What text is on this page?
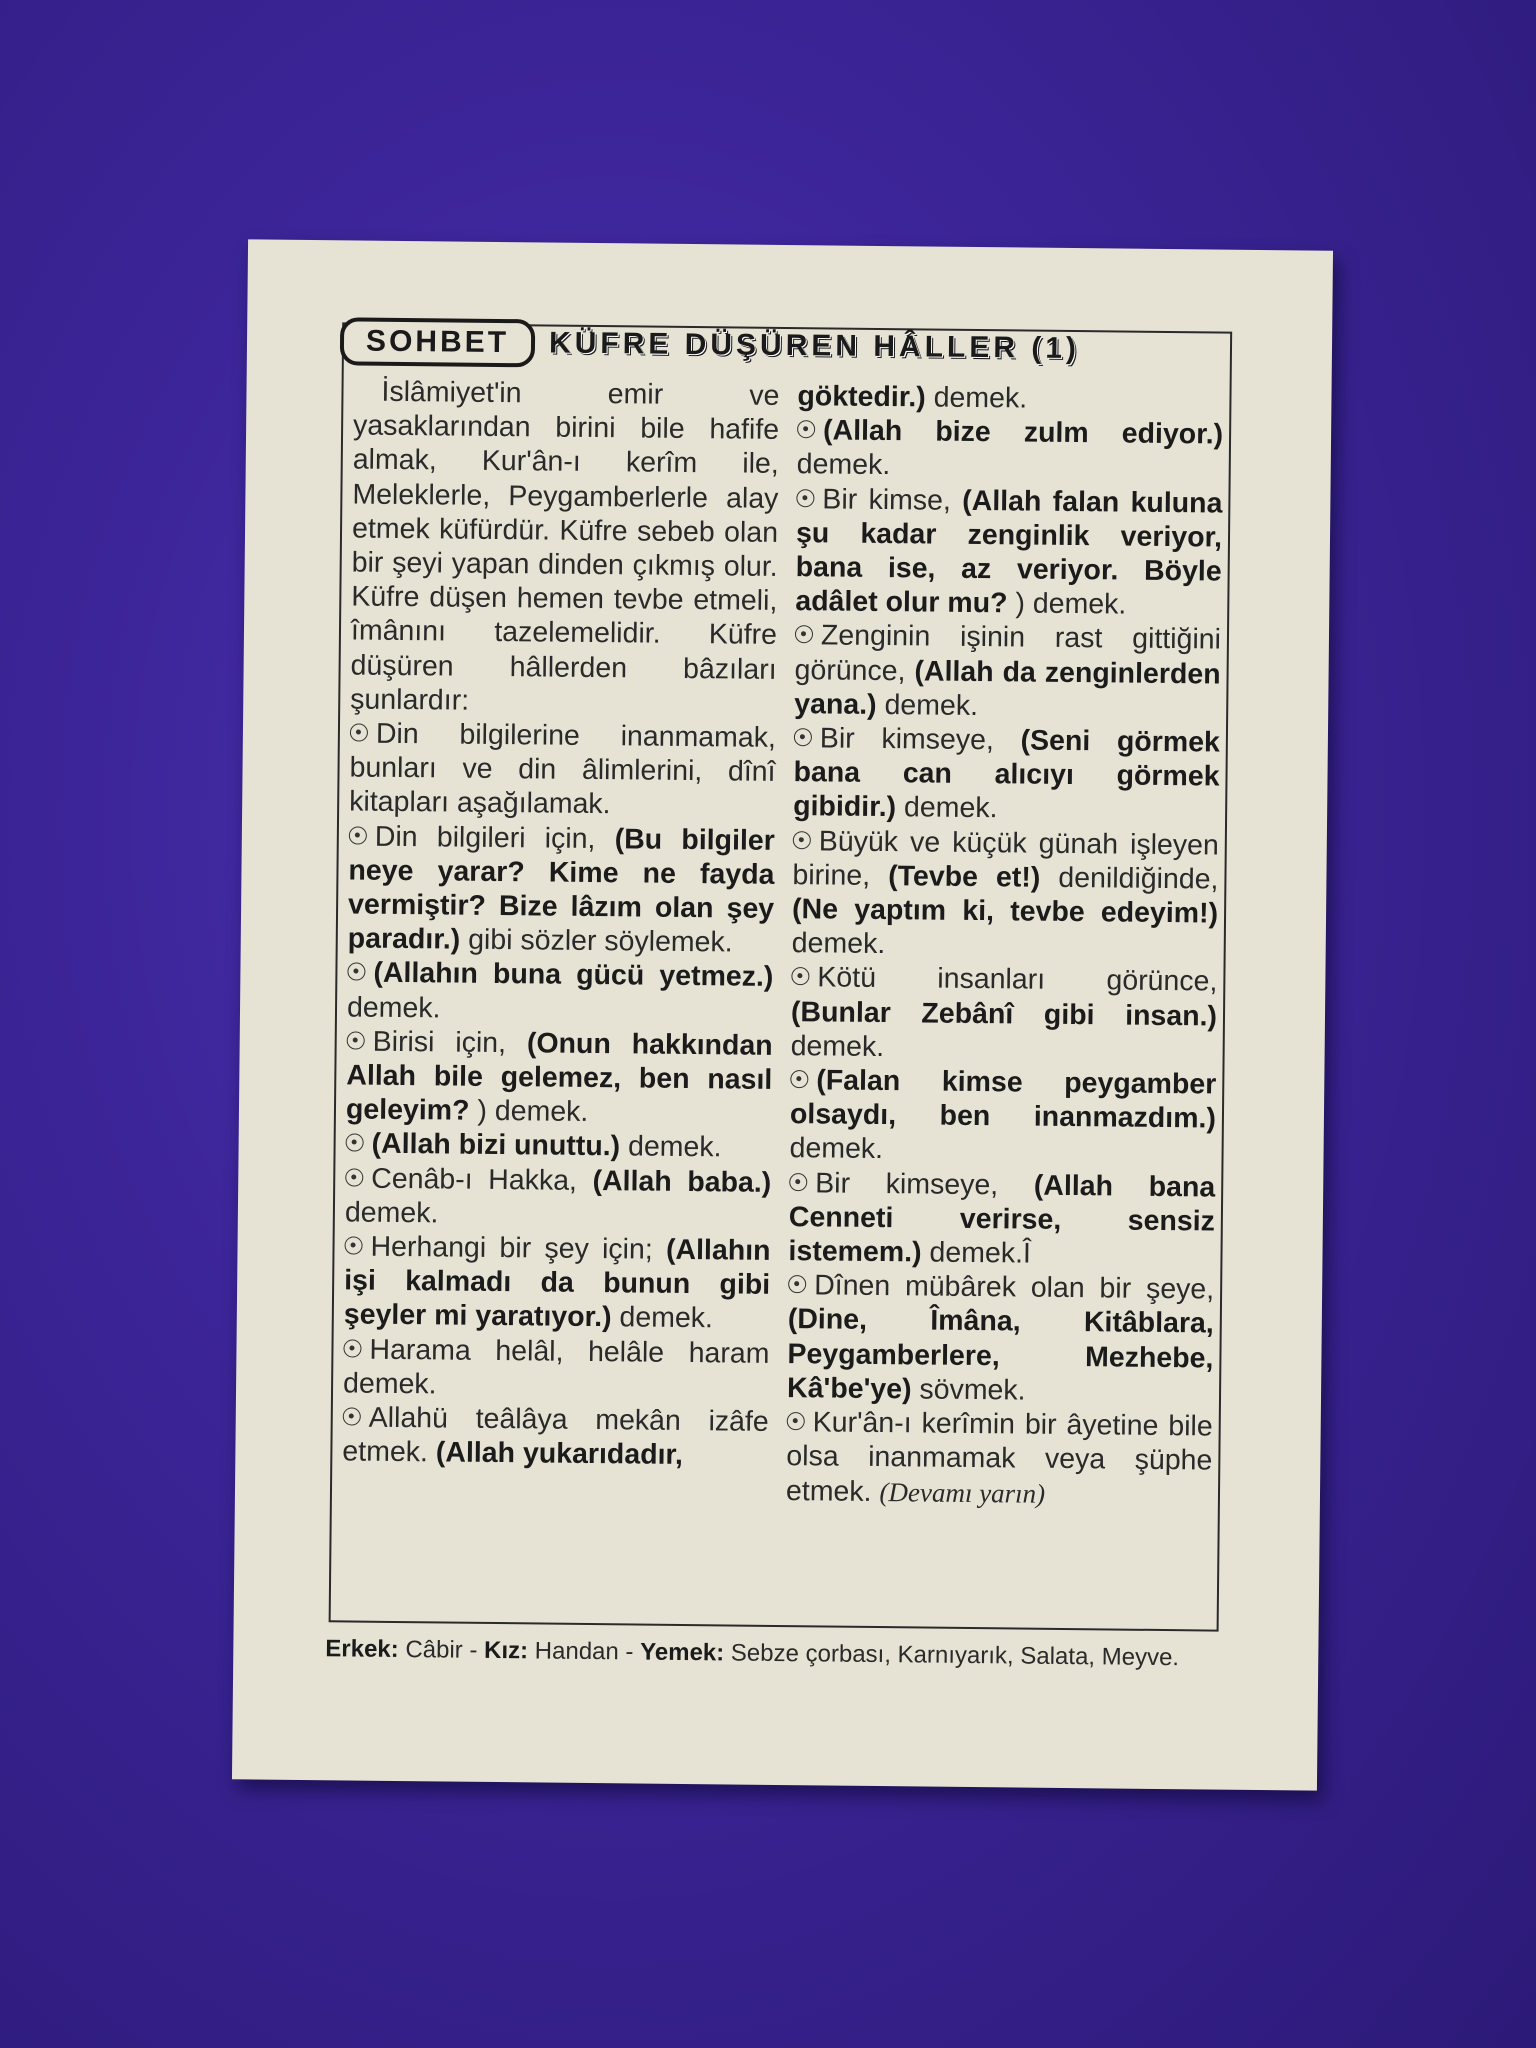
SOHBET	KÜFRE DÜŞÜREN HÂLLER (1)

İslâmiyet'in emir ve yasaklarından birini bile hafife almak, Kur'ân-ı kerîm ile, Meleklerle, Peygamberlerle alay etmek küfürdür. Küfre sebeb olan bir şeyi yapan dinden çıkmış olur. Küfre düşen hemen tevbe etmeli, îmânını tazelemelidir. Küfre düşüren hâllerden bâzıları şunlardır:

Din bilgilerine inanmamak, bunları ve din âlimlerini, dînî kitapları aşağılamak.

Din bilgileri için, (Bu bilgiler neye yarar? Kime ne fayda vermiştir? Bize lâzım olan şey paradır.) gibi sözler söylemek.

(Allahın buna gücü yetmez.) demek.

Birisi için, (Onun hakkından Allah bile gelemez, ben nasıl geleyim? ) demek.

(Allah bizi unuttu.) demek.

Cenâb-ı Hakka, (Allah baba.) demek.

Herhangi bir şey için; (Allahın işi kalmadı da bunun gibi şeyler mi yaratıyor.) demek.

Harama helâl, helâle haram demek.

Allahü teâlâya mekân izâfe etmek. (Allah yukarıdadır,

göktedir.) demek.

(Allah bize zulm ediyor.) demek.

Bir kimse, (Allah falan kuluna şu kadar zenginlik veriyor, bana ise, az veriyor. Böyle adâlet olur mu? ) demek.

Zenginin işinin rast gittiğini görünce, (Allah da zenginlerden yana.) demek.

Bir kimseye, (Seni görmek bana can alıcıyı görmek gibidir.) demek.

Büyük ve küçük günah işleyen birine, (Tevbe et!) denildiğinde, (Ne yaptım ki, tevbe edeyim!) demek.

Kötü insanları görünce, (Bunlar Zebânî gibi insan.) demek.

(Falan kimse peygamber olsaydı, ben inanmazdım.) demek.

Bir kimseye, (Allah bana Cenneti verirse, sensiz istemem.) demek.Î

Dînen mübârek olan bir şeye, (Dine, Îmâna, Kitâblara, Peygamberlere, Mezhebe, Kâ'be'ye) sövmek.

Kur'ân-ı kerîmin bir âyetine bile olsa inanmamak veya şüphe etmek. (Devamı yarın)

Erkek: Câbir - Kız: Handan - Yemek: Sebze çorbası, Karnıyarık, Salata, Meyve.
